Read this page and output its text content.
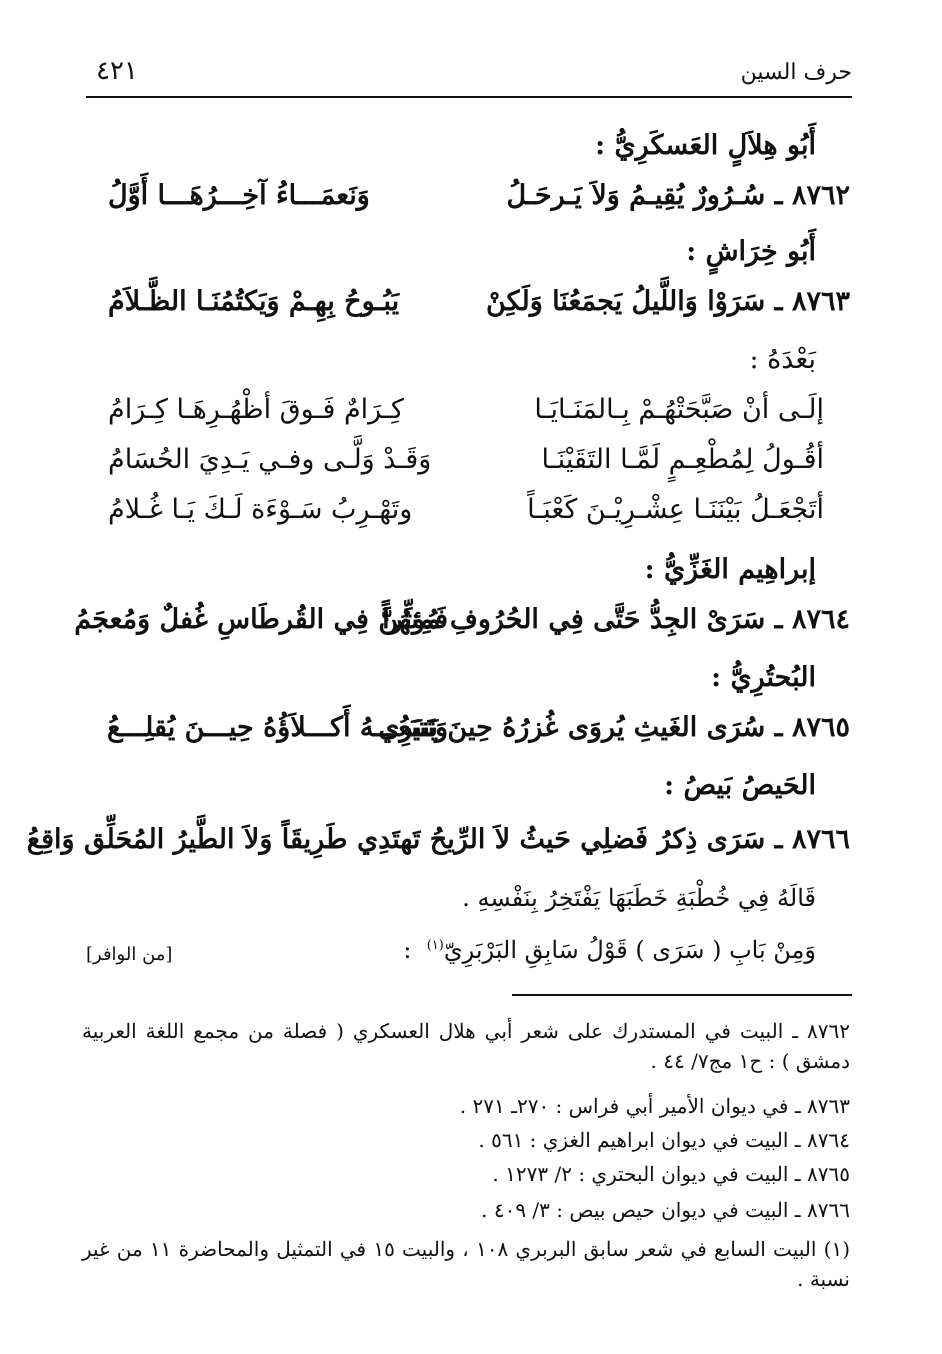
حرف السين
٤٢١
أَبُو هِلاَلٍ العَسكَرِيُّ :
٨٧٦٢ ـ سُـرُورٌ يُقِيـمُ وَلاَ يَـرحَـلُ
وَنَعمَـــاءُ آخِـــرُهَـــا أَوَّلُ
أَبُو خِرَاشٍ :
٨٧٦٣ ـ سَرَوْا وَاللَّيلُ يَجمَعُنَا وَلَكِنْ
يَبُـوحُ بِهِـمْ وَيَكتُمُنَـا الظَّـلاَمُ
بَعْدَهُ :
إلَـى أنْ صَبَّحَتْهُـمْ بِـالمَنَـايَـا
كِـرَامٌ فَـوقَ أظْهُـرِهَـا كِـرَامُ
أقُـولُ لِمُطْعِـمٍ لَمَّـا التَقَيْنَـا
وَقَـدْ وَلَّـى وفـي يَـدِيَ الحُسَامُ
أتَجْعَـلُ بَيْنَنَـا عِشْـرِيْـنَ كَعْبَـاً
وتَهْـرِبُ سَـوْءَة لَـكَ يَـا غُـلامُ
إبراهِيم الغَزِّيُّ :
٨٧٦٤ ـ سَرَىْ الجِدُّ حَتَّى فِي الحُرُوفِ مُؤثِّراً
فَمِنهُنَّ فِي القُرطَاسِ غُفلٌ وَمُعجَمُ
البُحتُرِيُّ :
٨٧٦٥ ـ سُرَى الغَيثِ يُروَى غُزرُهُ حِينَ يَنبَرِي
وَتَتبَعُـــهُ أَكـــلاَؤُهُ حِيـــنَ يُقلِـــعُ
الحَيصُ بَيصُ :
٨٧٦٦ ـ سَرَى ذِكرُ فَضلِي حَيثُ لاَ الرِّيحُ تَهتَدِي طَرِيقَاً وَلاَ الطَّيرُ المُحَلِّق وَاقِعُ
قَالَهُ فِي خُطْبَةِ خَطَبَهَا يَفْتَخِرُ بِنَفْسِهِ .
وَمِنْ بَابِ ( سَرَى ) قَوْلُ سَابِقِ البَرْبَرِيّ$^{(١)}$  :
[من الوافر]
٨٧٦٢ ـ البيت في المستدرك على شعر أبي هلال العسكري ( فصلة من مجمع اللغة العربية دمشق ) : ح١ مج٧/ ٤٤ .
٨٧٦٣ ـ في ديوان الأمير أبي فراس : ٢٧٠ـ ٢٧١ .
٨٧٦٤ ـ البيت في ديوان ابراهيم الغزي : ٥٦١ .
٨٧٦٥ ـ البيت في ديوان البحتري : ٢/ ١٢٧٣ .
٨٧٦٦ ـ البيت في ديوان حيص بيص : ٣/ ٤٠٩ .
(١) البيت السابع في شعر سابق البربري ١٠٨ ، والبيت ١٥ في التمثيل والمحاضرة ١١ من غير نسبة .
